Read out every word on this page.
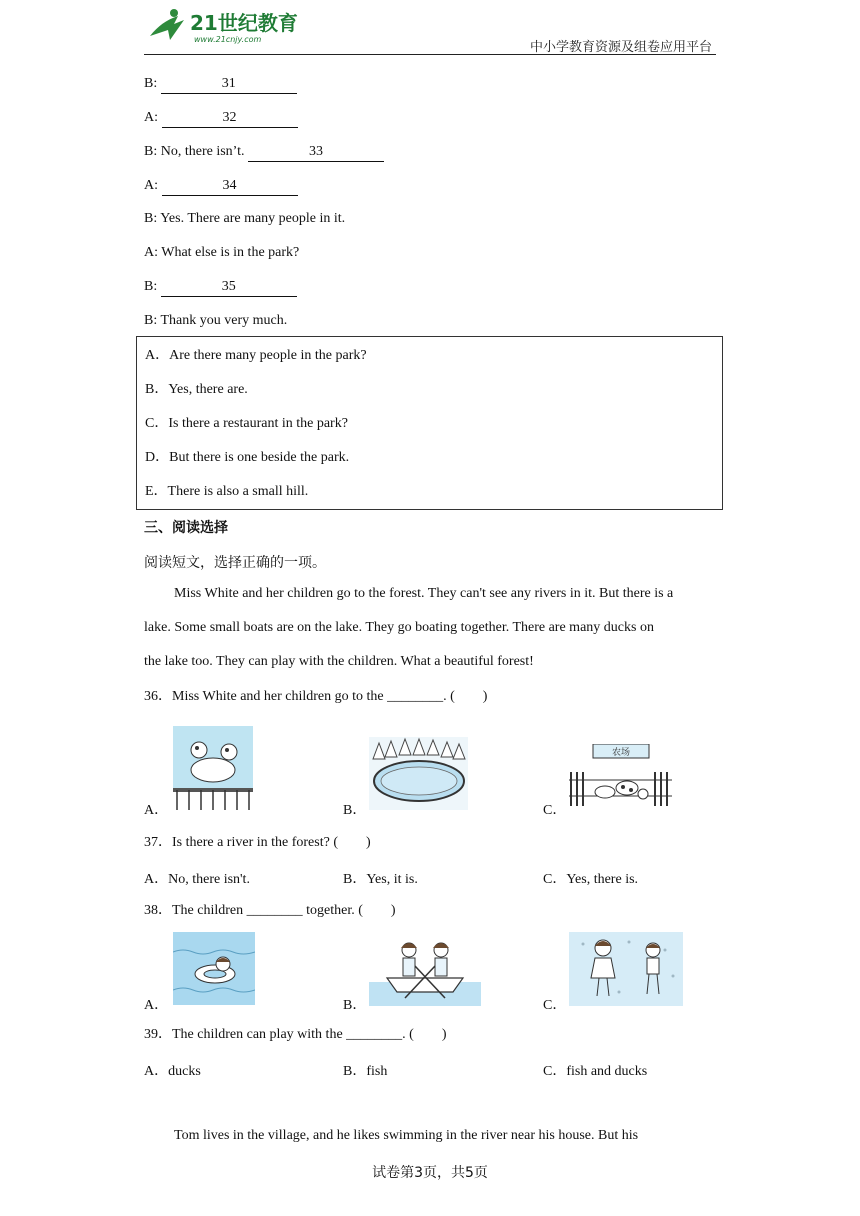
21世纪教育
www.21cnjy.com
中小学教育资源及组卷应用平台
B:	31
A:	32
B: No, there isn’t.	33
A:	34
B: Yes. There are many people in it.
A: What else is in the park?
B:	35
B: Thank you very much.
A．Are there many people in the park?
B．Yes, there are.
C．Is there a restaurant in the park?
D．But there is one beside the park.
E．There is also a small hill.
三、阅读选择
阅读短文，选择正确的一项。
Miss White and her children go to the forest. They can't see any rivers in it. But there is a
lake. Some small boats are on the lake. They go boating together. There are many ducks on
the lake too. They can play with the children. What a beautiful forest!
36．Miss White and her children go to the ________. (　　)
A．	B．	C．
农场
37．Is there a river in the forest? (　　)
A．No, there isn't.	B．Yes, it is.	C．Yes, there is.
38．The children ________ together. (　　)
A．	B．	C．
39．The children can play with the ________. (　　)
A．ducks	B．fish	C．fish and ducks
Tom lives in the village, and he likes swimming in the river near his house. But his
试卷第3页，共5页
